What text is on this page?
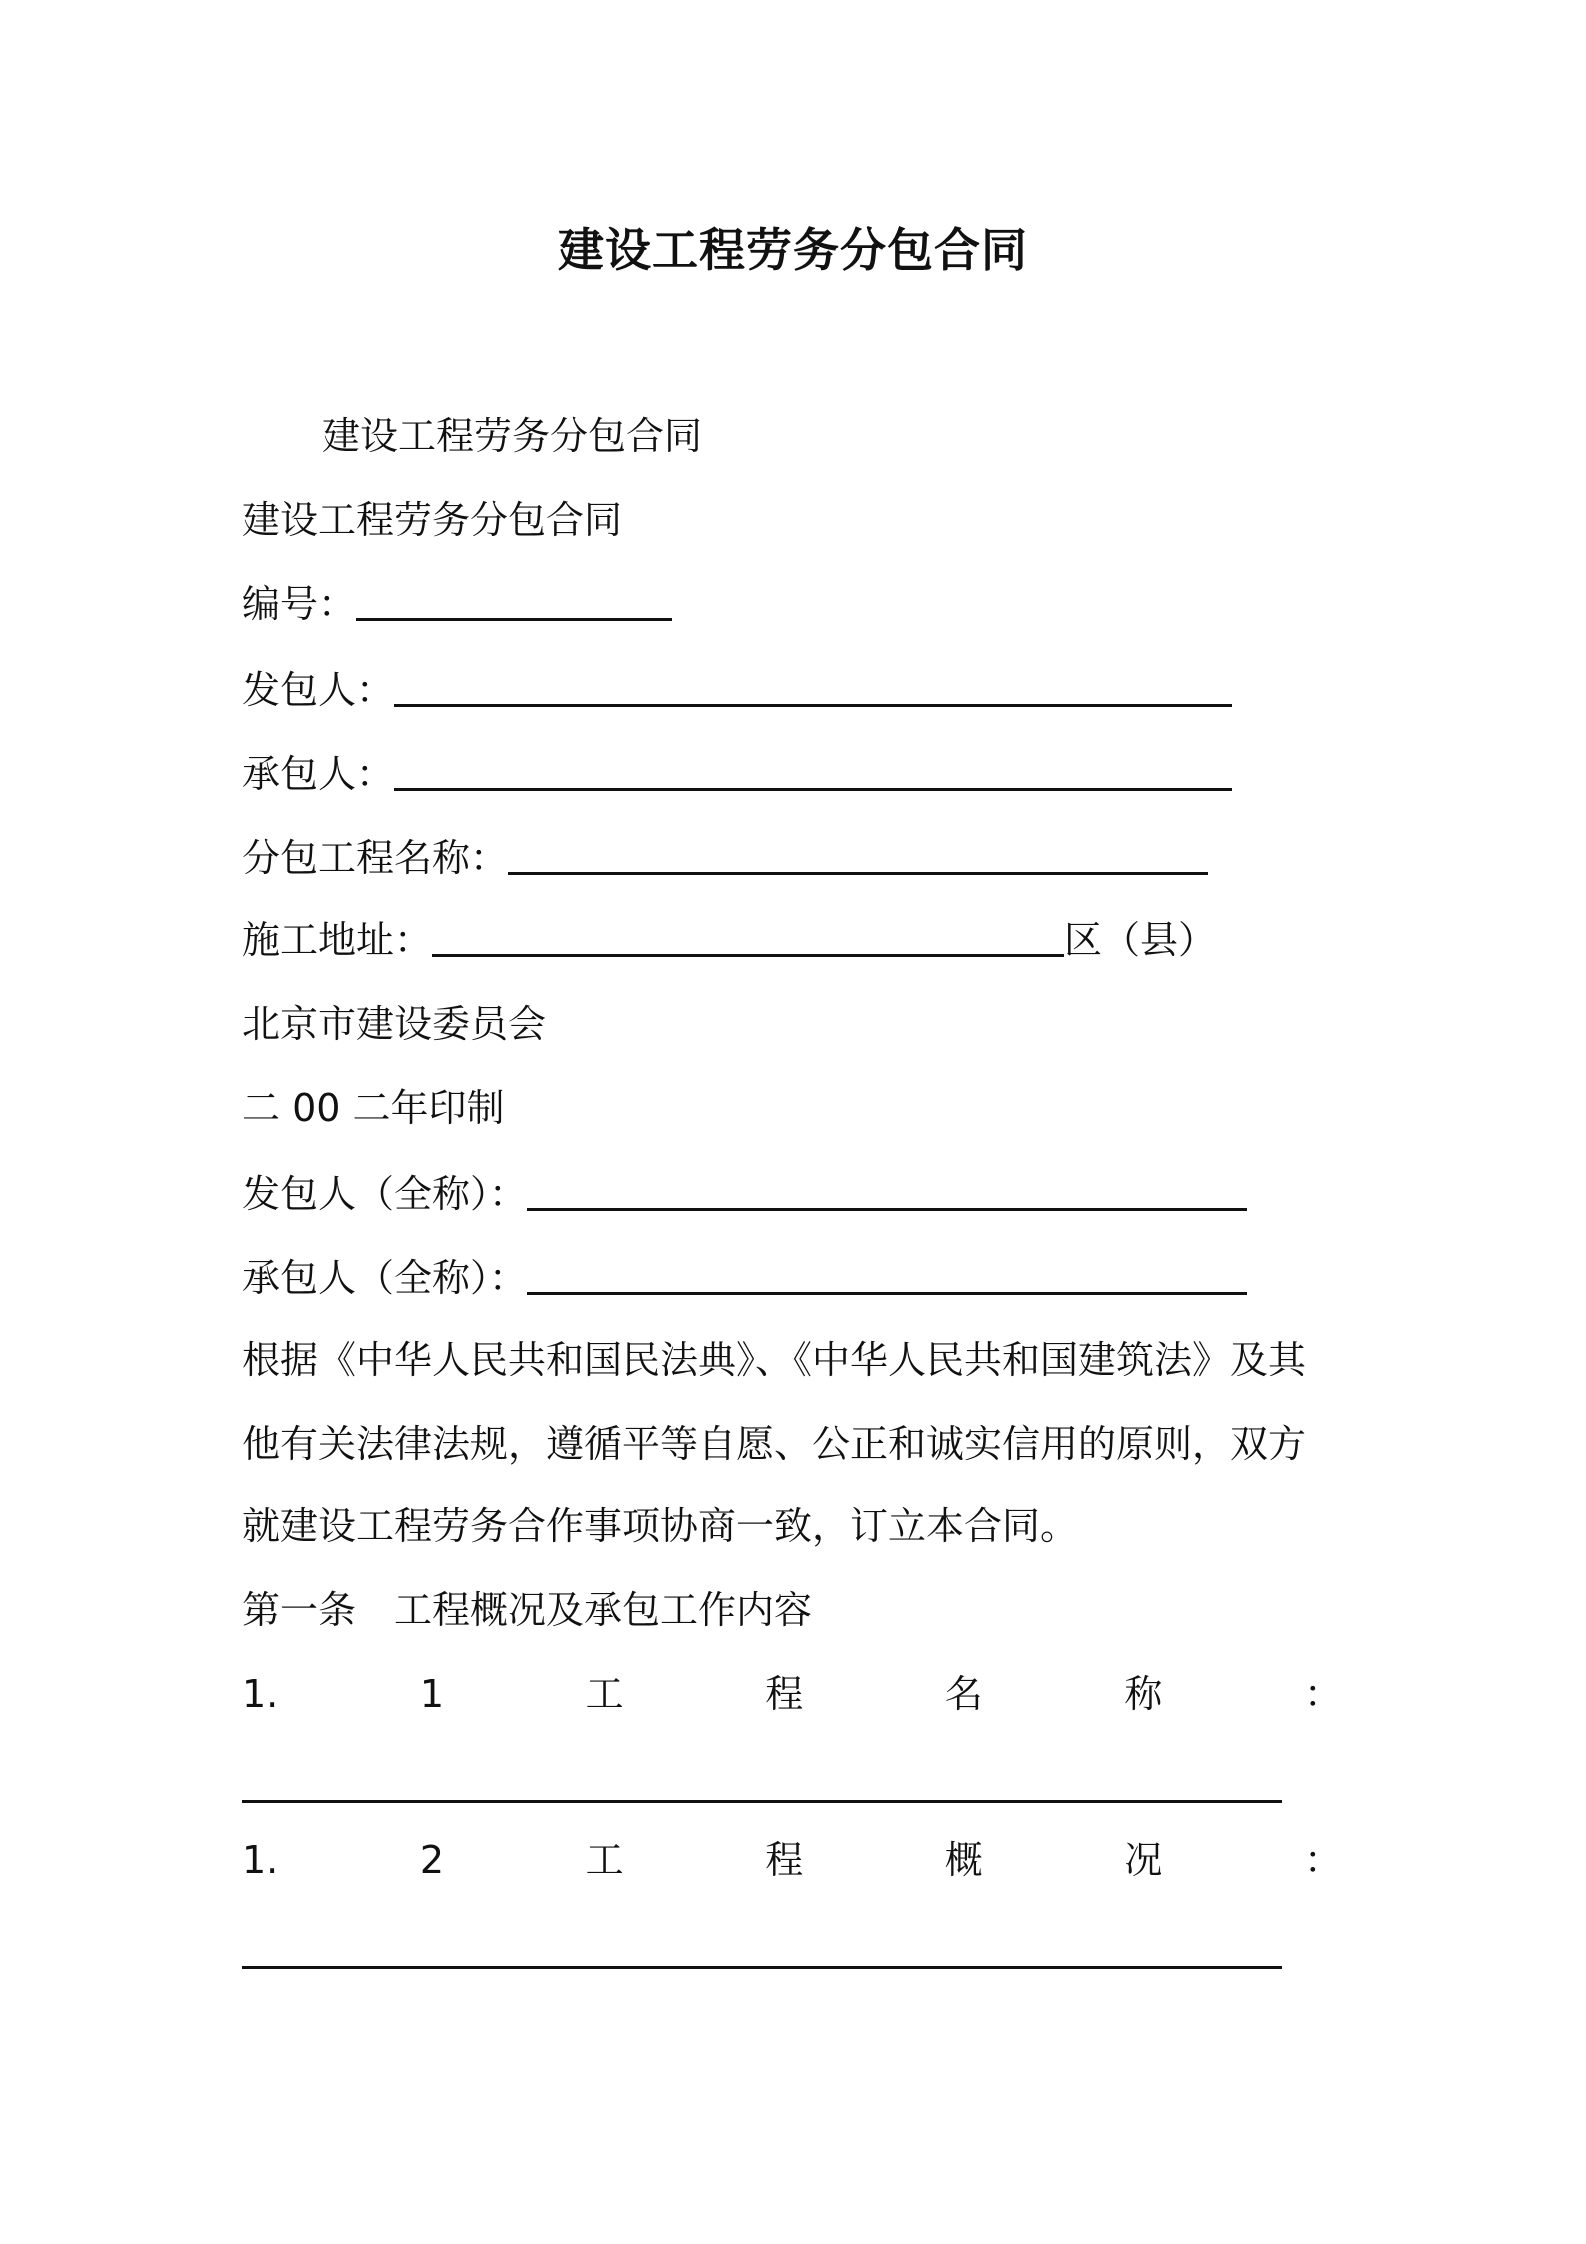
建设工程劳务分包合同
建设工程劳务分包合同
建设工程劳务分包合同
编号：
发包人：
承包人：
分包工程名称：
施工地址：	区（县）
北京市建设委员会
二 00 二年印制
发包人（全称）：
承包人（全称）：
根据《中华人民共和国民法典》、《中华人民共和国建筑法》及其
他有关法律法规，遵循平等自愿、公正和诚实信用的原则，双方
就建设工程劳务合作事项协商一致，订立本合同。
第一条　工程概况及承包工作内容
1.	1	工	程	名	称	：
1.	2	工	程	概	况	：
